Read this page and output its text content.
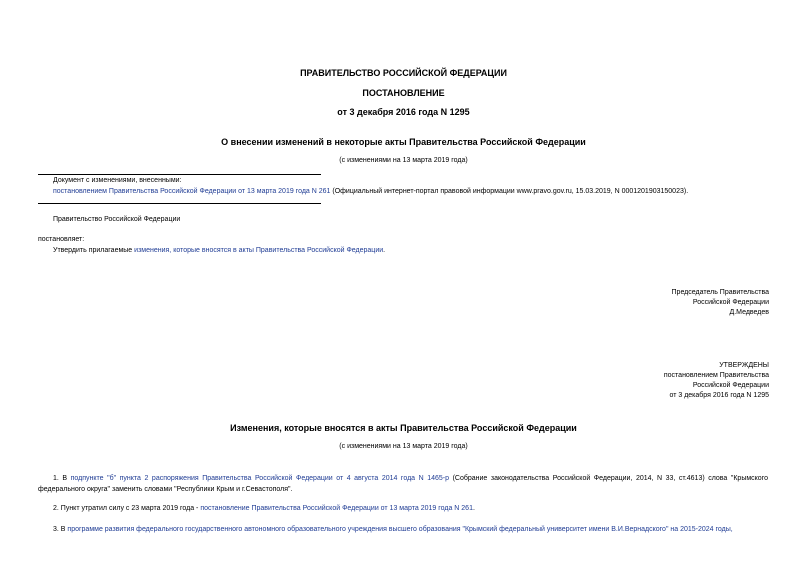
ПРАВИТЕЛЬСТВО РОССИЙСКОЙ ФЕДЕРАЦИИ
ПОСТАНОВЛЕНИЕ
от 3 декабря 2016 года N 1295
О внесении изменений в некоторые акты Правительства Российской Федерации
(с изменениями на 13 марта 2019 года)
Документ с изменениями, внесенными:
постановлением Правительства Российской Федерации от 13 марта 2019 года N 261 (Официальный интернет-портал правовой информации www.pravo.gov.ru, 15.03.2019, N 0001201903150023).
Правительство Российской Федерации
постановляет:
Утвердить прилагаемые изменения, которые вносятся в акты Правительства Российской Федерации.
Председатель Правительства
Российской Федерации
Д.Медведев
УТВЕРЖДЕНЫ
постановлением Правительства
Российской Федерации
от 3 декабря 2016 года N 1295
Изменения, которые вносятся в акты Правительства Российской Федерации
(с изменениями на 13 марта 2019 года)
1. В подпункте "б" пункта 2 распоряжения Правительства Российской Федерации от 4 августа 2014 года N 1465-р (Собрание законодательства Российской Федерации, 2014, N 33, ст.4613) слова "Крымского федерального округа" заменить словами "Республики Крым и г.Севастополя".
2. Пункт утратил силу с 23 марта 2019 года - постановление Правительства Российской Федерации от 13 марта 2019 года N 261.
3. В программе развития федерального государственного автономного образовательного учреждения высшего образования "Крымский федеральный университет имени В.И.Вернадского" на 2015-2024 годы,
